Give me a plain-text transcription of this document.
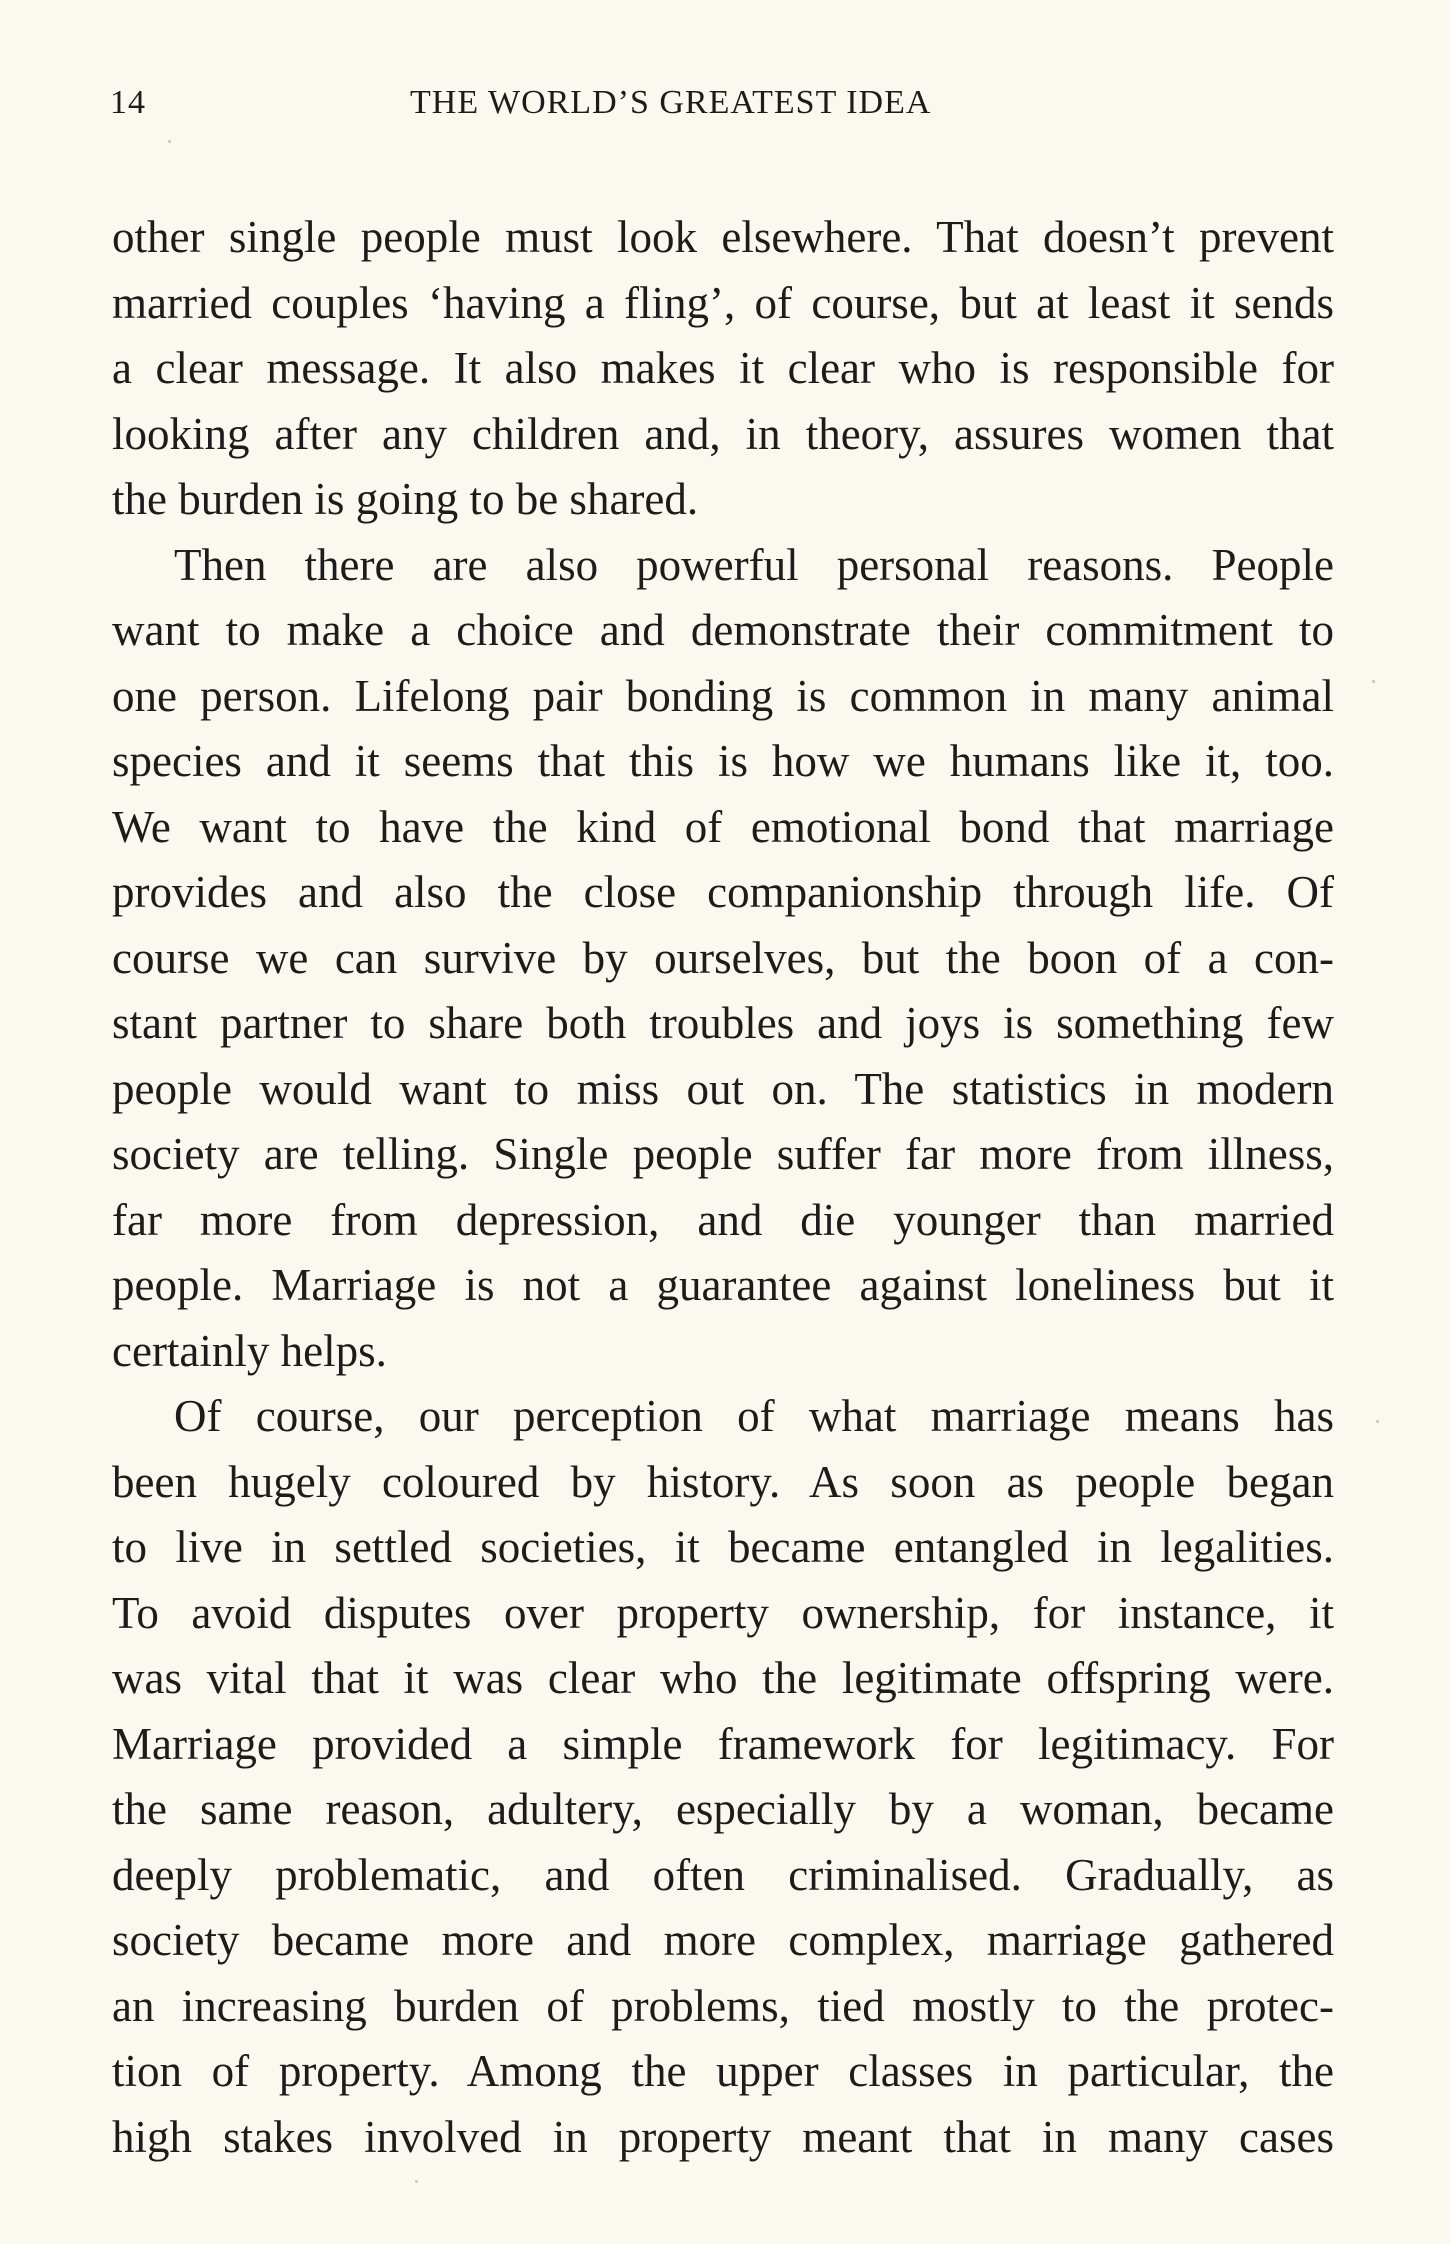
14	THE WORLD’S GREATEST IDEA
other single people must look elsewhere. That doesn’t prevent
married couples ‘having a fling’, of course, but at least it sends
a clear message. It also makes it clear who is responsible for
looking after any children and, in theory, assures women that
the burden is going to be shared.
Then there are also powerful personal reasons. People
want to make a choice and demonstrate their commitment to
one person. Lifelong pair bonding is common in many animal
species and it seems that this is how we humans like it, too.
We want to have the kind of emotional bond that marriage
provides and also the close companionship through life. Of
course we can survive by ourselves, but the boon of a con-
stant partner to share both troubles and joys is something few
people would want to miss out on. The statistics in modern
society are telling. Single people suffer far more from illness,
far more from depression, and die younger than married
people. Marriage is not a guarantee against loneliness but it
certainly helps.
Of course, our perception of what marriage means has
been hugely coloured by history. As soon as people began
to live in settled societies, it became entangled in legalities.
To avoid disputes over property ownership, for instance, it
was vital that it was clear who the legitimate offspring were.
Marriage provided a simple framework for legitimacy. For
the same reason, adultery, especially by a woman, became
deeply problematic, and often criminalised. Gradually, as
society became more and more complex, marriage gathered
an increasing burden of problems, tied mostly to the protec-
tion of property. Among the upper classes in particular, the
high stakes involved in property meant that in many cases
